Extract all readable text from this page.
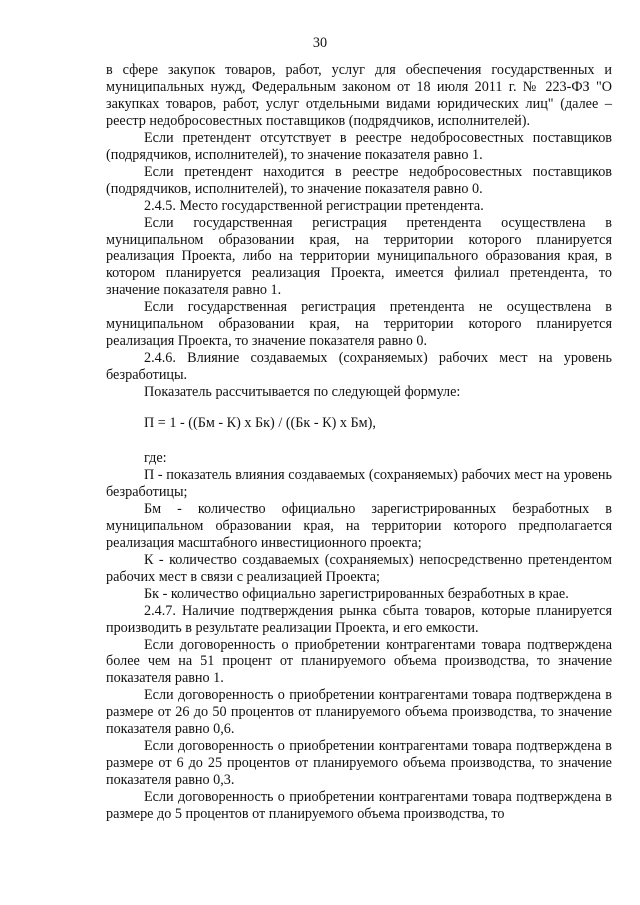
30

в сфере закупок товаров, работ, услуг для обеспечения государственных и муниципальных нужд, Федеральным законом от 18 июля 2011 г. № 223-ФЗ "О закупках товаров, работ, услуг отдельными видами юридических лиц" (далее – реестр недобросовестных поставщиков (подрядчиков, исполнителей).

Если претендент отсутствует в реестре недобросовестных поставщиков (подрядчиков, исполнителей), то значение показателя равно 1.

Если претендент находится в реестре недобросовестных поставщиков (подрядчиков, исполнителей), то значение показателя равно 0.

2.4.5. Место государственной регистрации претендента.

Если государственная регистрация претендента осуществлена в муниципальном образовании края, на территории которого планируется реализация Проекта, либо на территории муниципального образования края, в котором планируется реализация Проекта, имеется филиал претендента, то значение показателя равно 1.

Если государственная регистрация претендента не осуществлена в муниципальном образовании края, на территории которого планируется реализация Проекта, то значение показателя равно 0.

2.4.6. Влияние создаваемых (сохраняемых) рабочих мест на уровень безработицы.

Показатель рассчитывается по следующей формуле:

П = 1 - ((Бм - К) x Бк) / ((Бк - К) x Бм),

где:

П - показатель влияния создаваемых (сохраняемых) рабочих мест на уровень безработицы;

Бм - количество официально зарегистрированных безработных в муниципальном образовании края, на территории которого предполагается реализация масштабного инвестиционного проекта;

К - количество создаваемых (сохраняемых) непосредственно претендентом рабочих мест в связи с реализацией Проекта;

Бк - количество официально зарегистрированных безработных в крае.

2.4.7. Наличие подтверждения рынка сбыта товаров, которые планируется производить в результате реализации Проекта, и его емкости.

Если договоренность о приобретении контрагентами товара подтверждена более чем на 51 процент от планируемого объема производства, то значение показателя равно 1.

Если договоренность о приобретении контрагентами товара подтверждена в размере от 26 до 50 процентов от планируемого объема производства, то значение показателя равно 0,6.

Если договоренность о приобретении контрагентами товара подтверждена в размере от 6 до 25 процентов от планируемого объема производства, то значение показателя равно 0,3.

Если договоренность о приобретении контрагентами товара подтверждена в размере до 5 процентов от планируемого объема производства, то
